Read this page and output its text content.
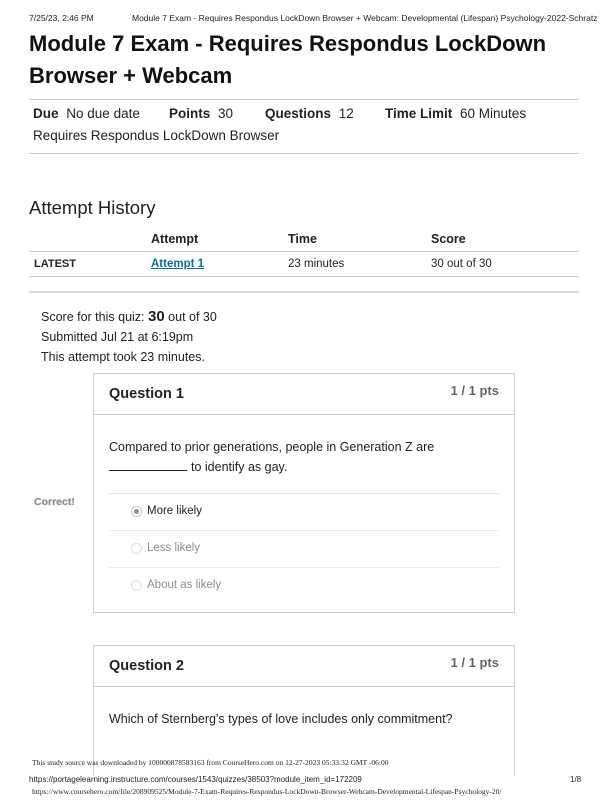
7/25/23, 2:46 PM	Module 7 Exam - Requires Respondus LockDown Browser + Webcam: Developmental (Lifespan) Psychology-2022-Schratz
Module 7 Exam - Requires Respondus LockDown
Browser + Webcam
Due No due date Points 30 Questions 12 Time Limit 60 Minutes
Requires Respondus LockDown Browser
Attempt History
	Attempt	Time	Score
LATEST	Attempt 1	23 minutes	30 out of 30
Score for this quiz: 30 out of 30
Submitted Jul 21 at 6:19pm
This attempt took 23 minutes.
Correct!
Question 1	1 / 1 pts
Compared to prior generations, people in Generation Z are
to identify as gay.
More likely
Less likely
About as likely
Question 2	1 / 1 pts
Which of Sternberg's types of love includes only commitment?
This study source was downloaded by 100000878583163 from CourseHero.com on 12-27-2023 05:33:32 GMT -06:00
https://portagelearning.instructure.com/courses/1543/quizzes/38503?module_item_id=172209	1/8
https://www.coursehero.com/file/208909525/Module-7-Exam-Requires-Respondus-LockDown-Browser-Webcam-Developmental-Lifespan-Psychology-20/
